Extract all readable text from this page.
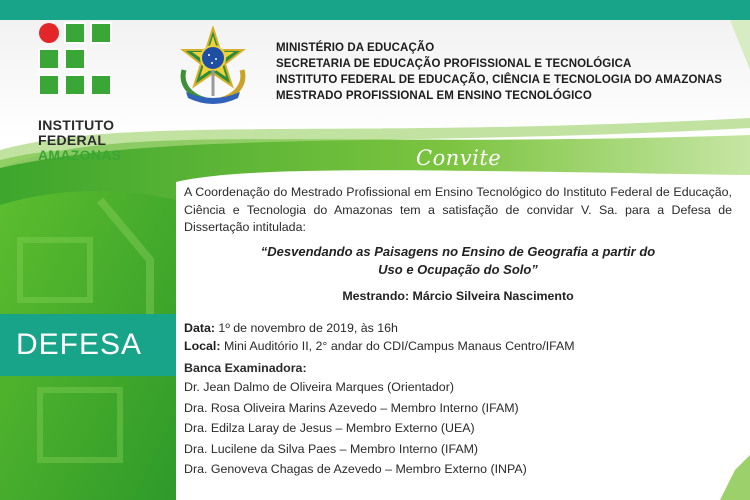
INSTITUTO
FEDERAL
AMAZONAS
MINISTÉRIO DA EDUCAÇÃO
SECRETARIA DE EDUCAÇÃO PROFISSIONAL E TECNOLÓGICA
INSTITUTO FEDERAL DE EDUCAÇÃO, CIÊNCIA E TECNOLOGIA DO AMAZONAS
MESTRADO PROFISSIONAL EM ENSINO TECNOLÓGICO
Convite
A Coordenação do Mestrado Profissional em Ensino Tecnológico do Instituto Federal de Educação, Ciência e Tecnologia do Amazonas tem a satisfação de convidar V. Sa. para a Defesa de Dissertação intitulada:
“Desvendando as Paisagens no Ensino de Geografia a partir do
Uso e Ocupação do Solo”
Mestrando: Márcio Silveira Nascimento
Data: 1º de novembro de 2019, às 16h
Local: Mini Auditório II, 2° andar do CDI/Campus Manaus Centro/IFAM
Banca Examinadora:
Dr. Jean Dalmo de Oliveira Marques (Orientador)
Dra. Rosa Oliveira Marins Azevedo – Membro Interno (IFAM)
Dra. Edilza Laray de Jesus – Membro Externo (UEA)
Dra. Lucilene da Silva Paes – Membro Interno (IFAM)
Dra. Genoveva Chagas de Azevedo – Membro Externo (INPA)
DEFESA
